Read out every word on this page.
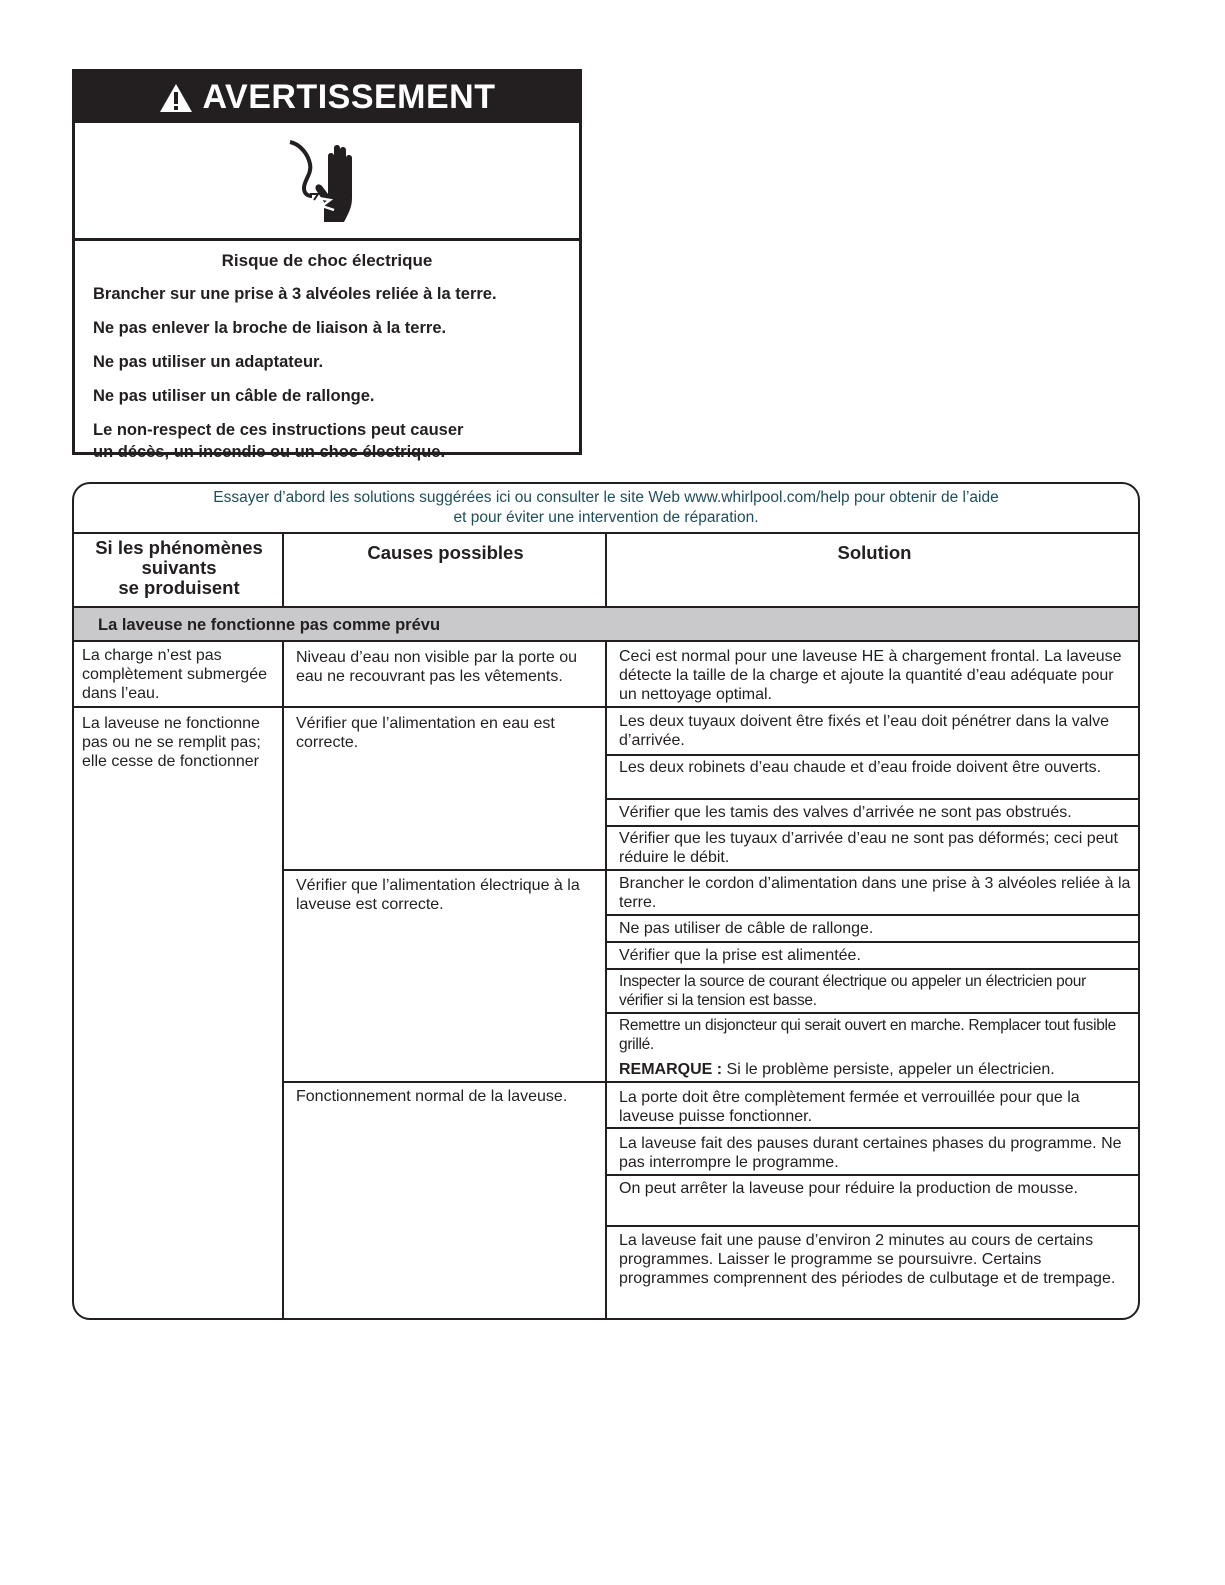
AVERTISSEMENT

Risque de choc électrique

Brancher sur une prise à 3 alvéoles reliée à la terre.

Ne pas enlever la broche de liaison à la terre.

Ne pas utiliser un adaptateur.

Ne pas utiliser un câble de rallonge.

Le non-respect de ces instructions peut causer
un décès, un incendie ou un choc électrique.

Essayer d’abord les solutions suggérées ici ou consulter le site Web www.whirlpool.com/help pour obtenir de l’aide
et pour éviter une intervention de réparation.
Si les phénomènes
suivants
se produisent
Causes possibles	Solution
La laveuse ne fonctionne pas comme prévu
La charge n’est pas complètement submergée dans l’eau.
Niveau d’eau non visible par la porte ou eau ne recouvrant pas les vêtements.
Ceci est normal pour une laveuse HE à chargement frontal. La laveuse détecte la taille de la charge et ajoute la quantité d’eau adéquate pour un nettoyage optimal.
La laveuse ne fonctionne pas ou ne se remplit pas; elle cesse de fonctionner
Vérifier que l’alimentation en eau est correcte.
Les deux tuyaux doivent être fixés et l’eau doit pénétrer dans la valve d’arrivée.
Les deux robinets d’eau chaude et d’eau froide doivent être ouverts.
Vérifier que les tamis des valves d’arrivée ne sont pas obstrués.
Vérifier que les tuyaux d’arrivée d’eau ne sont pas déformés; ceci peut réduire le débit.
Vérifier que l’alimentation électrique à la laveuse est correcte.
Brancher le cordon d’alimentation dans une prise à 3 alvéoles reliée à la terre.
Ne pas utiliser de câble de rallonge.
Vérifier que la prise est alimentée.
Inspecter la source de courant électrique ou appeler un électricien pour vérifier si la tension est basse.
Remettre un disjoncteur qui serait ouvert en marche. Remplacer tout fusible grillé.
REMARQUE : Si le problème persiste, appeler un électricien.
Fonctionnement normal de la laveuse.	La porte doit être complètement fermée et verrouillée pour que la laveuse puisse fonctionner.
La laveuse fait des pauses durant certaines phases du programme. Ne pas interrompre le programme.
On peut arrêter la laveuse pour réduire la production de mousse.
La laveuse fait une pause d’environ 2 minutes au cours de certains programmes. Laisser le programme se poursuivre. Certains programmes comprennent des périodes de culbutage et de trempage.
